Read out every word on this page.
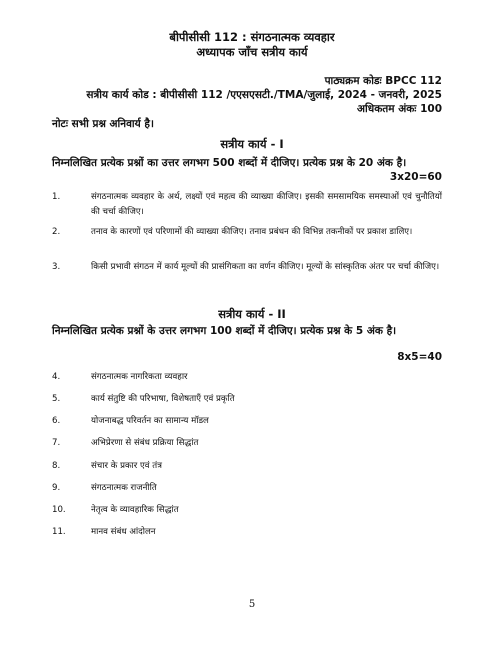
बीपीसीसी 112 : संगठनात्मक व्यवहार
अध्यापक जाँच सत्रीय कार्य
पाठ्यक्रम कोडः BPCC 112
सत्रीय कार्य कोड : बीपीसीसी 112 /एएसएसटी./TMA/जुलाई, 2024 - जनवरी, 2025
अधिकतम अंकः 100
नोटः सभी प्रश्न अनिवार्य है।
सत्रीय कार्य - I
निम्नलिखित प्रत्येक प्रश्नों का उत्तर लगभग 500 शब्दों में दीजिए। प्रत्येक प्रश्न के 20 अंक है।
3x20=60
1.	संगठनात्मक व्यवहार के अर्थ, लक्ष्यों एवं महत्व की व्याख्या कीजिए। इसकी समसामयिक समस्याओं एवं चुनौतियों की चर्चा कीजिए।
2.	तनाव के कारणों एवं परिणामों की व्याख्या कीजिए। तनाव प्रबंधन की विभिन्न तकनीकों पर प्रकाश डालिए।
3.	किसी प्रभावी संगठन में कार्य मूल्यों की प्रासंगिकता का वर्णन कीजिए। मूल्यों के सांस्कृतिक अंतर पर चर्चा कीजिए।
सत्रीय कार्य - II
निम्नलिखित प्रत्येक प्रश्नों के उत्तर लगभग 100 शब्दों में दीजिए। प्रत्येक प्रश्न के 5 अंक है।
8x5=40
4.	संगठनात्मक नागरिकता व्यवहार
5.	कार्य संतुष्टि की परिभाषा, विशेषताएँ एवं प्रकृति
6.	योजनाबद्ध परिवर्तन का सामान्य मॉडल
7.	अभिप्रेरणा से संबंध प्रक्रिया सिद्धांत
8.	संचार के प्रकार एवं तंत्र
9.	संगठनात्मक राजनीति
10.	नेतृत्व के व्यावहारिक सिद्धांत
11.	मानव संबंध आंदोलन
5
